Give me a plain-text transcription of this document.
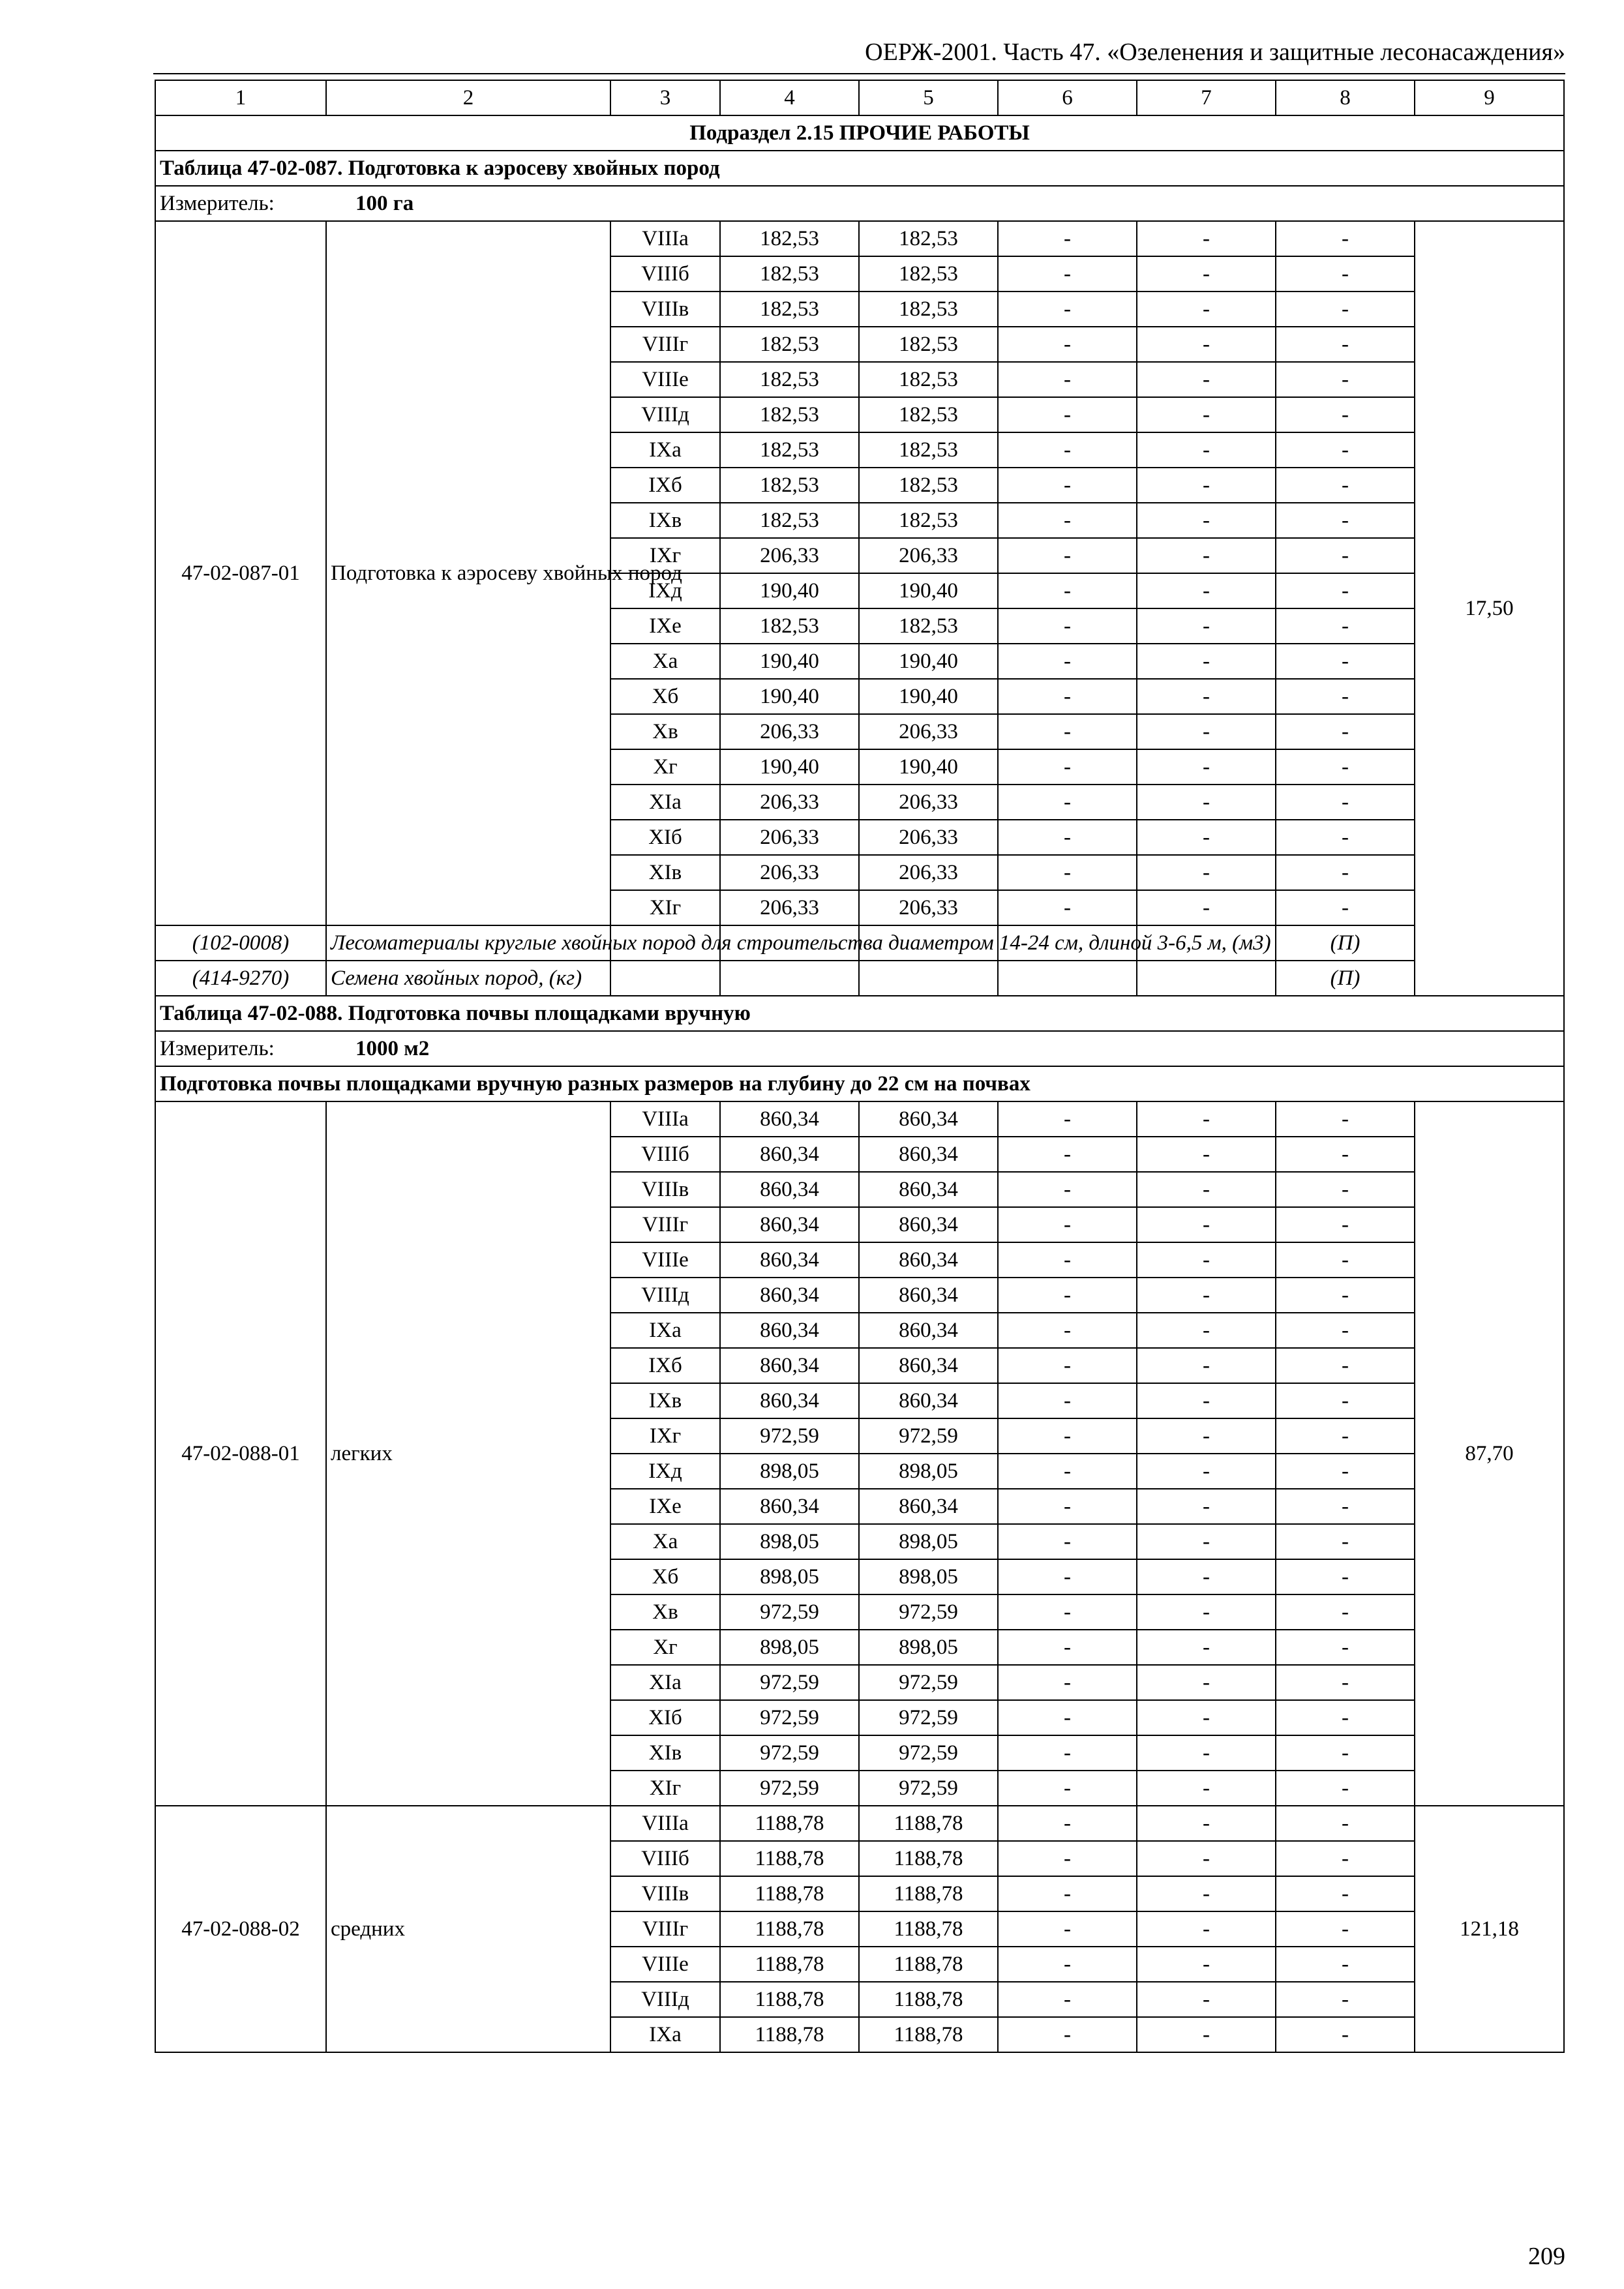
ОЕРЖ-2001. Часть 47. «Озеленения и защитные лесонасаждения»
1	2	3	4	5	6	7	8	9
Подраздел 2.15 ПРОЧИЕ РАБОТЫ								
Таблица 47-02-087. Подготовка к аэросеву хвойных пород								
Измеритель: 100 га								
47-02-087-01	Подготовка к аэросеву хвойных пород	VIIIa	182,53	182,53	-	-	-	17,50
		VIIIб	182,53	182,53	-	-	-	
		VIIIв	182,53	182,53	-	-	-	
		VIIIг	182,53	182,53	-	-	-	
		VIIIе	182,53	182,53	-	-	-	
		VIIIд	182,53	182,53	-	-	-	
		IXa	182,53	182,53	-	-	-	
		IXб	182,53	182,53	-	-	-	
		IXв	182,53	182,53	-	-	-	
		IXг	206,33	206,33	-	-	-	
		IXд	190,40	190,40	-	-	-	
		IXе	182,53	182,53	-	-	-	
		Xa	190,40	190,40	-	-	-	
		Xб	190,40	190,40	-	-	-	
		Xв	206,33	206,33	-	-	-	
		Xг	190,40	190,40	-	-	-	
		XIa	206,33	206,33	-	-	-	
		XIб	206,33	206,33	-	-	-	
		XIв	206,33	206,33	-	-	-	
		XIг	206,33	206,33	-	-	-	
(102-0008)	Лесоматериалы круглые хвойных пород для строительства диаметром 14-24 см, длиной 3-6,5 м, (м3)						(П)	
(414-9270)	Семена хвойных пород, (кг)						(П)	
Таблица 47-02-088. Подготовка почвы площадками вручную								
Измеритель: 1000 м2								
Подготовка почвы площадками вручную разных размеров на глубину до 22 см на почвах								
47-02-088-01	легких	VIIIa	860,34	860,34	-	-	-	87,70
		VIIIб	860,34	860,34	-	-	-	
		VIIIв	860,34	860,34	-	-	-	
		VIIIг	860,34	860,34	-	-	-	
		VIIIе	860,34	860,34	-	-	-	
		VIIIд	860,34	860,34	-	-	-	
		IXa	860,34	860,34	-	-	-	
		IXб	860,34	860,34	-	-	-	
		IXв	860,34	860,34	-	-	-	
		IXг	972,59	972,59	-	-	-	
		IXд	898,05	898,05	-	-	-	
		IXе	860,34	860,34	-	-	-	
		Xa	898,05	898,05	-	-	-	
		Xб	898,05	898,05	-	-	-	
		Xв	972,59	972,59	-	-	-	
		Xг	898,05	898,05	-	-	-	
		XIa	972,59	972,59	-	-	-	
		XIб	972,59	972,59	-	-	-	
		XIв	972,59	972,59	-	-	-	
		XIг	972,59	972,59	-	-	-	
47-02-088-02	средних	VIIIa	1188,78	1188,78	-	-	-	121,18
		VIIIб	1188,78	1188,78	-	-	-	
		VIIIв	1188,78	1188,78	-	-	-	
		VIIIг	1188,78	1188,78	-	-	-	
		VIIIе	1188,78	1188,78	-	-	-	
		VIIIд	1188,78	1188,78	-	-	-	
		IXa	1188,78	1188,78	-	-	-	
209
